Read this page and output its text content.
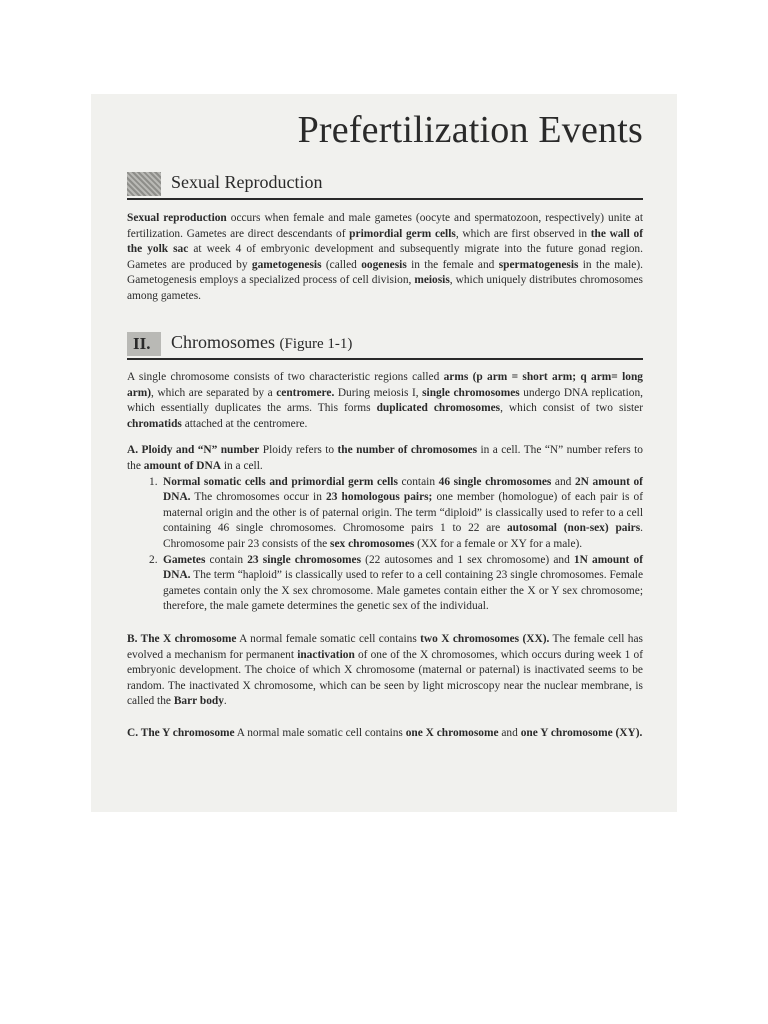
Prefertilization Events
Sexual Reproduction

Sexual reproduction occurs when female and male gametes (oocyte and spermatozoon, respectively) unite at fertilization. Gametes are direct descendants of primordial germ cells, which are first observed in the wall of the yolk sac at week 4 of embryonic development and subsequently migrate into the future gonad region. Gametes are produced by gametogenesis (called oogenesis in the female and spermatogenesis in the male). Gametogenesis employs a specialized process of cell division, meiosis, which uniquely distributes chromosomes among gametes.

II.	Chromosomes (Figure 1-1)

A single chromosome consists of two characteristic regions called arms (p arm = short arm; q arm= long arm), which are separated by a centromere. During meiosis I, single chromosomes undergo DNA replication, which essentially duplicates the arms. This forms duplicated chromosomes, which consist of two sister chromatids attached at the centromere.

A. Ploidy and “N” number Ploidy refers to the number of chromosomes in a cell. The “N” number refers to the amount of DNA in a cell.

1. Normal somatic cells and primordial germ cells contain 46 single chromosomes and 2N amount of DNA. The chromosomes occur in 23 homologous pairs; one member (homologue) of each pair is of maternal origin and the other is of paternal origin. The term “diploid” is classically used to refer to a cell containing 46 single chromosomes. Chromosome pairs 1 to 22 are autosomal (non-sex) pairs. Chromosome pair 23 consists of the sex chromosomes (XX for a female or XY for a male).
2. Gametes contain 23 single chromosomes (22 autosomes and 1 sex chromosome) and 1N amount of DNA. The term “haploid” is classically used to refer to a cell containing 23 single chromosomes. Female gametes contain only the X sex chromosome. Male gametes contain either the X or Y sex chromosome; therefore, the male gamete determines the genetic sex of the individual.

B. The X chromosome A normal female somatic cell contains two X chromosomes (XX). The female cell has evolved a mechanism for permanent inactivation of one of the X chromosomes, which occurs during week 1 of embryonic development. The choice of which X chromosome (maternal or paternal) is inactivated seems to be random. The inactivated X chromosome, which can be seen by light microscopy near the nuclear membrane, is called the Barr body.

C. The Y chromosome A normal male somatic cell contains one X chromosome and one Y chromosome (XY).
